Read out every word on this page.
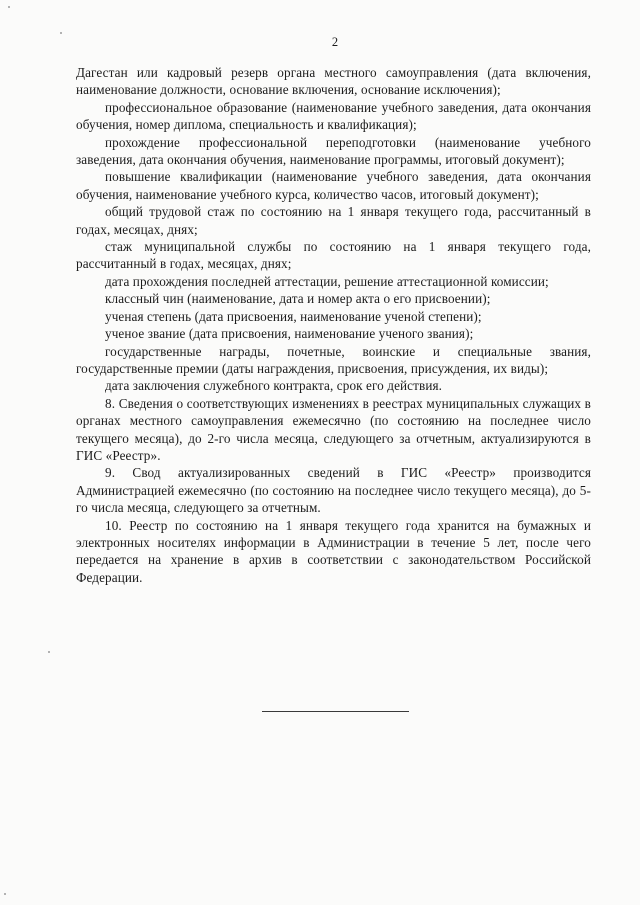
2

Дагестан или кадровый резерв органа местного самоуправления (дата включения, наименование должности, основание включения, основание исключения);

профессиональное образование (наименование учебного заведения, дата окончания обучения, номер диплома, специальность и квалификация);

прохождение профессиональной переподготовки (наименование учебного заведения, дата окончания обучения, наименование программы, итоговый документ);

повышение квалификации (наименование учебного заведения, дата окончания обучения, наименование учебного курса, количество часов, итоговый документ);

общий трудовой стаж по состоянию на 1 января текущего года, рассчитанный в годах, месяцах, днях;

стаж муниципальной службы по состоянию на 1 января текущего года, рассчитанный в годах, месяцах, днях;

дата прохождения последней аттестации, решение аттестационной комиссии;

классный чин (наименование, дата и номер акта о его присвоении);

ученая степень (дата присвоения, наименование ученой степени);

ученое звание (дата присвоения, наименование ученого звания);

государственные награды, почетные, воинские и специальные звания, государственные премии (даты награждения, присвоения, присуждения, их виды);

дата заключения служебного контракта, срок его действия.

8. Сведения о соответствующих изменениях в реестрах муниципальных служащих в органах местного самоуправления ежемесячно (по состоянию на последнее число текущего месяца), до 2-го числа месяца, следующего за отчетным, актуализируются в ГИС «Реестр».

9. Свод актуализированных сведений в ГИС «Реестр» производится Администрацией ежемесячно (по состоянию на последнее число текущего месяца), до 5-го числа месяца, следующего за отчетным.

10. Реестр по состоянию на 1 января текущего года хранится на бумажных и электронных носителях информации в Администрации в течение 5 лет, после чего передается на хранение в архив в соответствии с законодательством Российской Федерации.
